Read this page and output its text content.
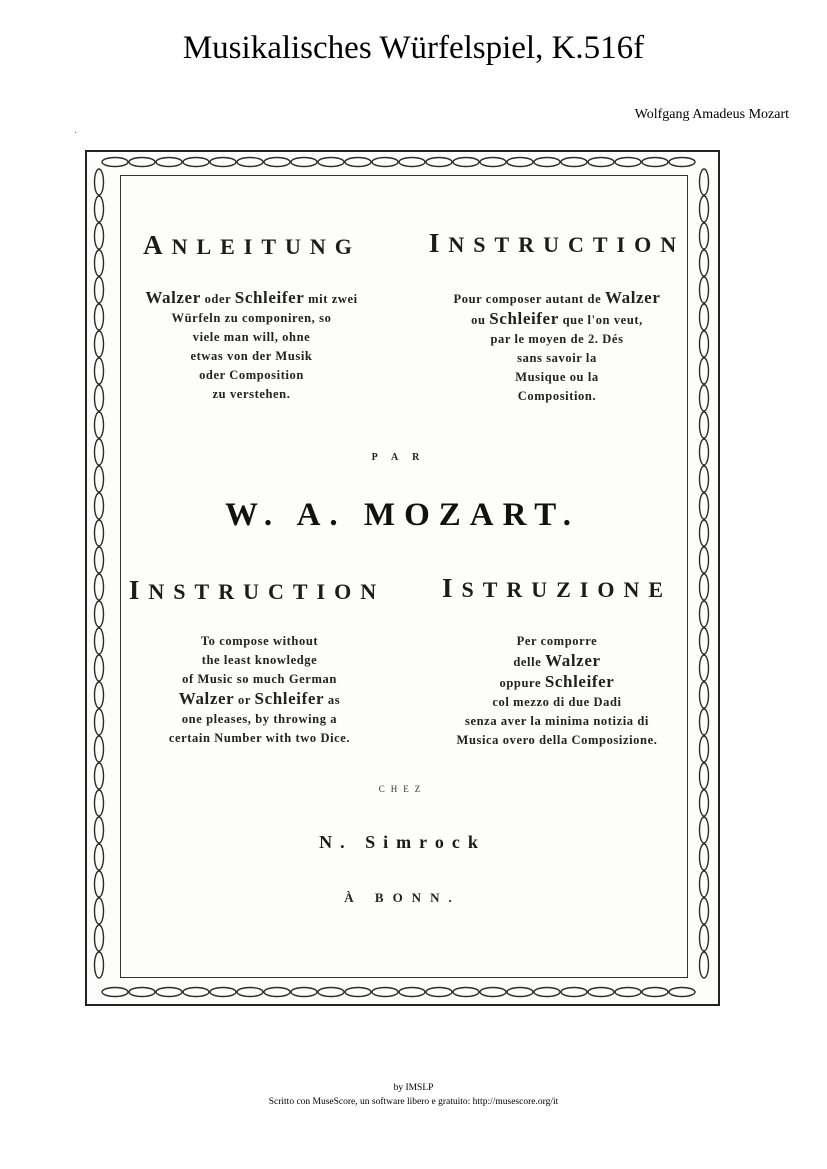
Musikalisches Würfelspiel, K.516f
Wolfgang Amadeus Mozart
·
ANLEITUNG	INSTRUCTION
Walzer oder Schleifer mit zwei
Würfeln zu componiren, so
viele man will, ohne
etwas von der Musik
oder Composition
zu verstehen.
Pour composer autant de Walzer
ou Schleifer que l'on veut,
par le moyen de 2. Dés
sans savoir la
Musique ou la
Composition.
PAR
W. A. MOZART.
INSTRUCTION	ISTRUZIONE
To compose without
the least knowledge
of Music so much German
Walzer or Schleifer as
one pleases, by throwing a
certain Number with two Dice.
Per comporre
delle Walzer
oppure Schleifer
col mezzo di due Dadi
senza aver la minima notizia di
Musica overo della Composizione.
CHEZ
N. Simrock
À BONN.
by IMSLP
Scritto con MuseScore, un software libero e gratuito: http://musescore.org/it
